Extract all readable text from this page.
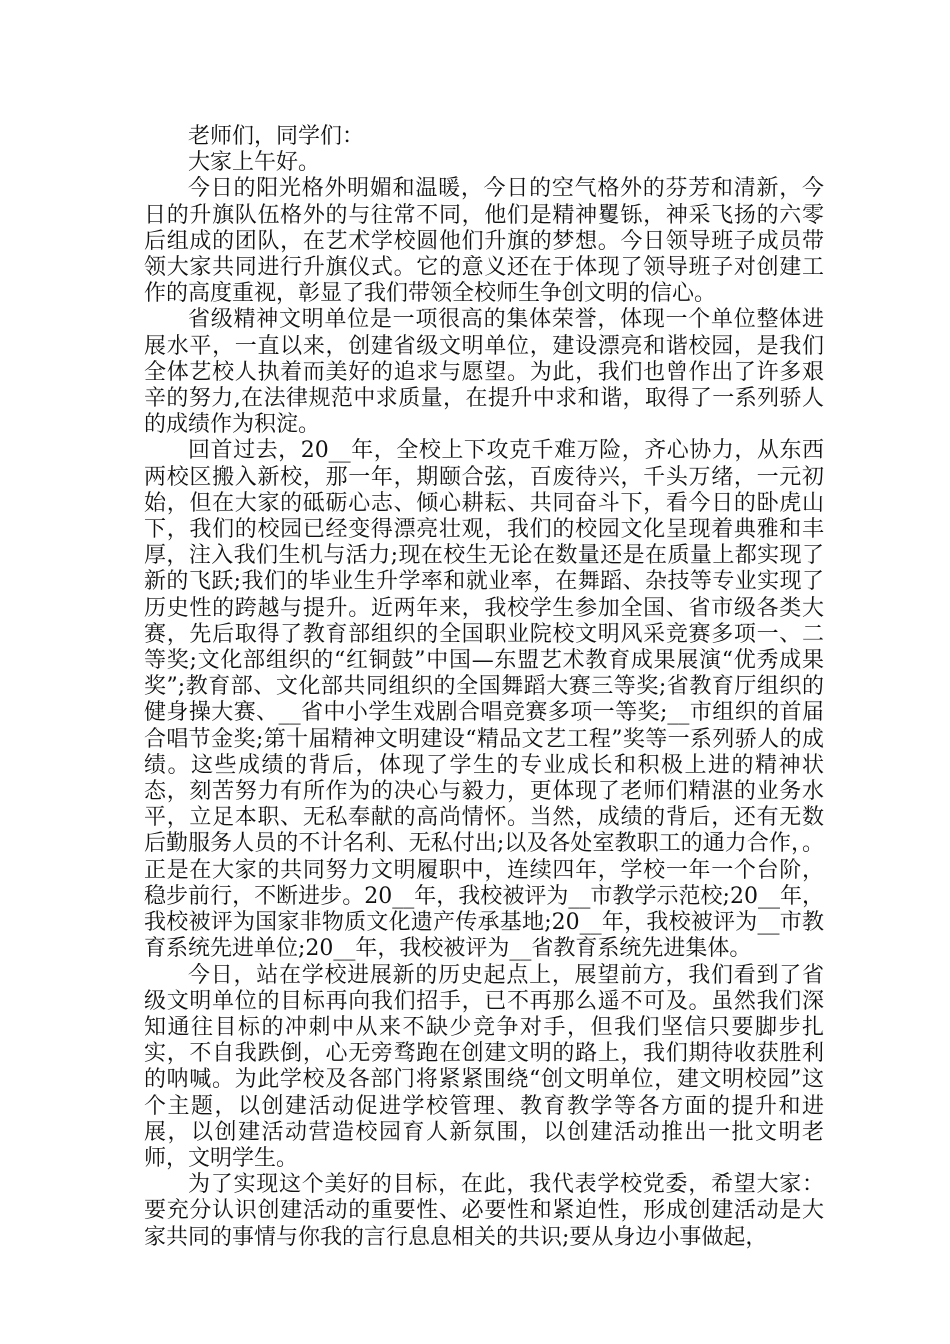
老师们，同学们：

大家上午好。

今日的阳光格外明媚和温暖，今日的空气格外的芬芳和清新，今日的升旗队伍格外的与往常不同，他们是精神矍铄，神采飞扬的六零后组成的团队，在艺术学校圆他们升旗的梦想。今日领导班子成员带领大家共同进行升旗仪式。它的意义还在于体现了领导班子对创建工作的高度重视，彰显了我们带领全校师生争创文明的信心。

省级精神文明单位是一项很高的集体荣誉，体现一个单位整体进展水平，一直以来，创建省级文明单位，建设漂亮和谐校园，是我们全体艺校人执着而美好的追求与愿望。为此，我们也曾作出了许多艰辛的努力,在法律规范中求质量，在提升中求和谐，取得了一系列骄人的成绩作为积淀。

回首过去，20__年，全校上下攻克千难万险，齐心协力，从东西两校区搬入新校，那一年，期颐合弦，百废待兴，千头万绪，一元初始，但在大家的砥砺心志、倾心耕耘、共同奋斗下，看今日的卧虎山下，我们的校园已经变得漂亮壮观，我们的校园文化呈现着典雅和丰厚，注入我们生机与活力;现在校生无论在数量还是在质量上都实现了新的飞跃;我们的毕业生升学率和就业率，在舞蹈、杂技等专业实现了历史性的跨越与提升。近两年来，我校学生参加全国、省市级各类大赛，先后取得了教育部组织的全国职业院校文明风采竞赛多项一、二等奖;文化部组织的“红铜鼓”中国—东盟艺术教育成果展演“优秀成果奖”;教育部、文化部共同组织的全国舞蹈大赛三等奖;省教育厅组织的健身操大赛、__省中小学生戏剧合唱竞赛多项一等奖;__市组织的首届合唱节金奖;第十届精神文明建设“精品文艺工程”奖等一系列骄人的成绩。这些成绩的背后，体现了学生的专业成长和积极上进的精神状态，刻苦努力有所作为的决心与毅力，更体现了老师们精湛的业务水平，立足本职、无私奉献的高尚情怀。当然，成绩的背后，还有无数后勤服务人员的不计名利、无私付出;以及各处室教职工的通力合作，。正是在大家的共同努力文明履职中，连续四年，学校一年一个台阶，稳步前行，不断进步。20__年，我校被评为__市教学示范校;20__年，我校被评为国家非物质文化遗产传承基地;20__年，我校被评为__市教育系统先进单位;20__年，我校被评为__省教育系统先进集体。

今日，站在学校进展新的历史起点上，展望前方，我们看到了省级文明单位的目标再向我们招手，已不再那么遥不可及。虽然我们深知通往目标的冲刺中从来不缺少竞争对手，但我们坚信只要脚步扎实，不自我跌倒，心无旁骛跑在创建文明的路上，我们期待收获胜利的呐喊。为此学校及各部门将紧紧围绕“创文明单位，建文明校园”这个主题，以创建活动促进学校管理、教育教学等各方面的提升和进展，以创建活动营造校园育人新氛围，以创建活动推出一批文明老师，文明学生。

为了实现这个美好的目标，在此，我代表学校党委，希望大家：要充分认识创建活动的重要性、必要性和紧迫性，形成创建活动是大家共同的事情与你我的言行息息相关的共识;要从身边小事做起，
